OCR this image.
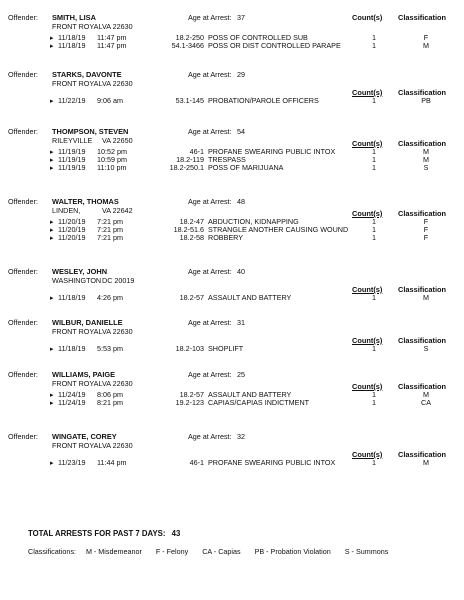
Offender: SMITH, LISA	Age at Arrest: 37
FRONT ROYAL VA 22630
Count(s) Classification
▸ 11/18/19 11:47 pm	18.2-250 POSS OF CONTROLLED SUB	1	F
▸ 11/18/19 11:47 pm	54.1-3466 POSS OR DIST CONTROLLED PARAPE	1	M
Offender: STARKS, DAVONTE	Age at Arrest: 29
FRONT ROYAL VA 22630
Count(s) Classification
▸ 11/22/19 9:06 am	53.1-145 PROBATION/PAROLE OFFICERS	1	PB
Offender: THOMPSON, STEVEN	Age at Arrest: 54
RILEYVILLE VA 22650	Count(s) Classification
▸ 11/19/19 10:52 pm	46-1 PROFANE SWEARING PUBLIC INTOX	1	M
▸ 11/19/19 10:59 pm	18.2-119 TRESPASS	1	M
▸ 11/19/19 11:10 pm	18.2-250.1 POSS OF MARIJUANA	1	S
Offender: WALTER, THOMAS	Age at Arrest: 48
LINDEN,	VA 22642	Count(s) Classification
▸ 11/20/19 7:21 pm	18.2-47 ABDUCTION, KIDNAPPING	1	F
▸ 11/20/19 7:21 pm	18.2-51.6 STRANGLE ANOTHER CAUSING WOUND	1	F
▸ 11/20/19 7:21 pm	18.2-58 ROBBERY	1	F
Offender: WESLEY, JOHN	Age at Arrest: 40
WASHINGTON DC 20019
Count(s) Classification
▸ 11/18/19 4:26 pm	18.2-57 ASSAULT AND BATTERY	1	M
Offender: WILBUR, DANIELLE	Age at Arrest: 31
FRONT ROYAL VA 22630
Count(s) Classification
▸ 11/18/19 5:53 pm	18.2-103 SHOPLIFT	1	S
Offender: WILLIAMS, PAIGE	Age at Arrest: 25
FRONT ROYAL VA 22630	Count(s) Classification
▸ 11/24/19 8:06 pm	18.2-57 ASSAULT AND BATTERY	1	M
▸ 11/24/19 8:21 pm	19.2-123 CAPIAS/CAPIAS INDICTMENT	1	CA
Offender: WINGATE, COREY	Age at Arrest: 32
FRONT ROYAL VA 22630
Count(s) Classification
▸ 11/23/19 11:44 pm	46-1 PROFANE SWEARING PUBLIC INTOX	1	M
TOTAL ARRESTS FOR PAST 7 DAYS: 43
Classifications: M - Misdemeanor F - Felony CA - Capias PB - Probation Violation S - Summons
